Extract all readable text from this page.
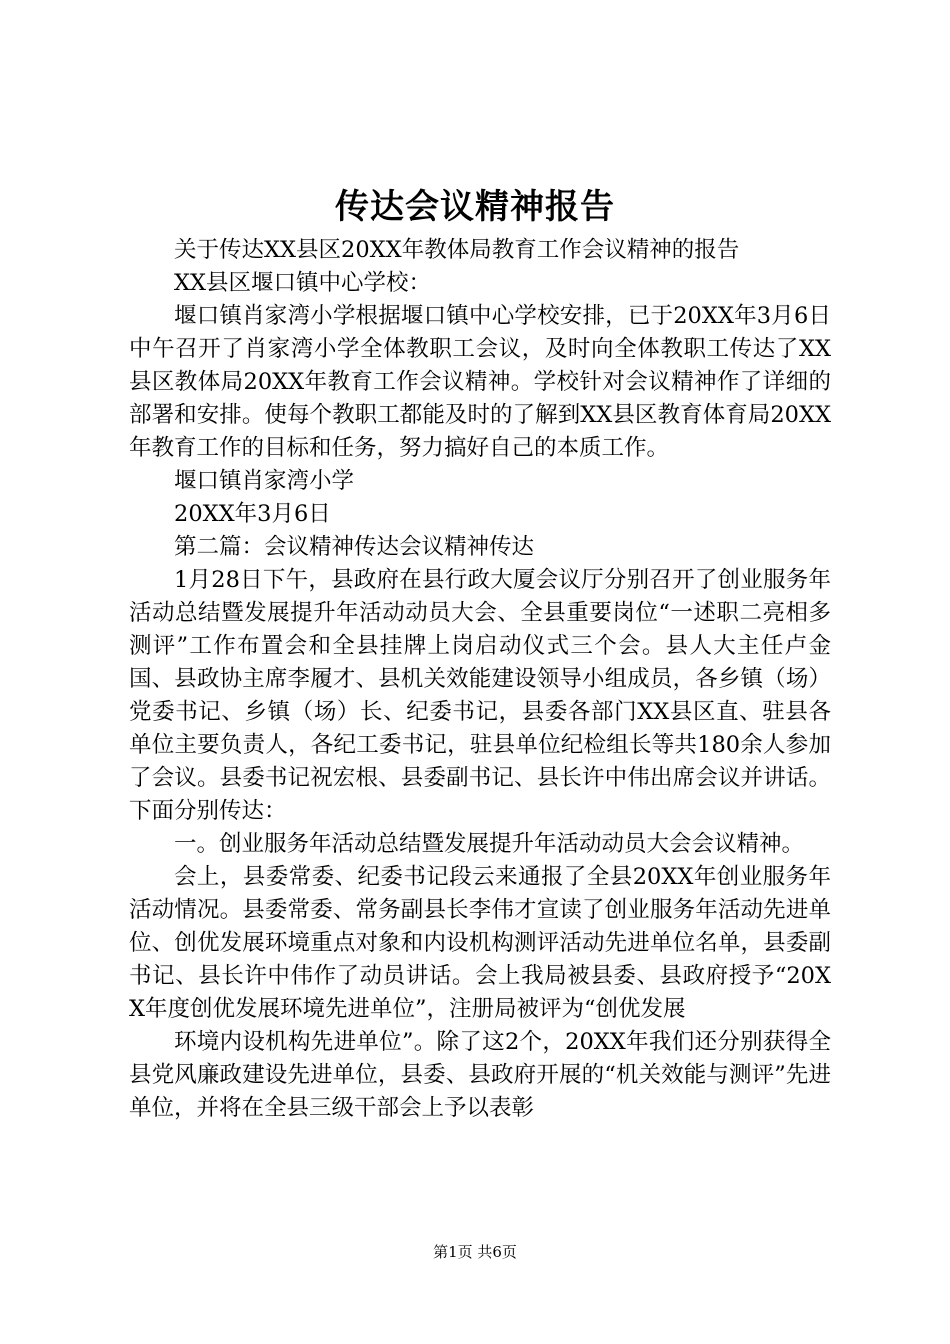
传达会议精神报告

关于传达XX县区20XX年教体局教育工作会议精神的报告

XX县区堰口镇中心学校：

堰口镇肖家湾小学根据堰口镇中心学校安排，已于20XX年3月6日中午召开了肖家湾小学全体教职工会议，及时向全体教职工传达了XX县区教体局20XX年教育工作会议精神。学校针对会议精神作了详细的部署和安排。使每个教职工都能及时的了解到XX县区教育体育局20XX年教育工作的目标和任务，努力搞好自己的本质工作。

堰口镇肖家湾小学

20XX年3月6日

第二篇：会议精神传达会议精神传达

1月28日下午，县政府在县行政大厦会议厅分别召开了创业服务年活动总结暨发展提升年活动动员大会、全县重要岗位“一述职二亮相多测评”工作布置会和全县挂牌上岗启动仪式三个会。县人大主任卢金国、县政协主席李履才、县机关效能建设领导小组成员，各乡镇（场）党委书记、乡镇（场）长、纪委书记，县委各部门XX县区直、驻县各单位主要负责人，各纪工委书记，驻县单位纪检组长等共180余人参加了会议。县委书记祝宏根、县委副书记、县长许中伟出席会议并讲话。下面分别传达：

一。创业服务年活动总结暨发展提升年活动动员大会会议精神。

会上，县委常委、纪委书记段云来通报了全县20XX年创业服务年活动情况。县委常委、常务副县长李伟才宣读了创业服务年活动先进单位、创优发展环境重点对象和内设机构测评活动先进单位名单，县委副书记、县长许中伟作了动员讲话。会上我局被县委、县政府授予“20XX年度创优发展环境先进单位”，注册局被评为“创优发展

环境内设机构先进单位”。除了这2个，20XX年我们还分别获得全县党风廉政建设先进单位，县委、县政府开展的“机关效能与测评”先进单位，并将在全县三级干部会上予以表彰

第1页 共6页
